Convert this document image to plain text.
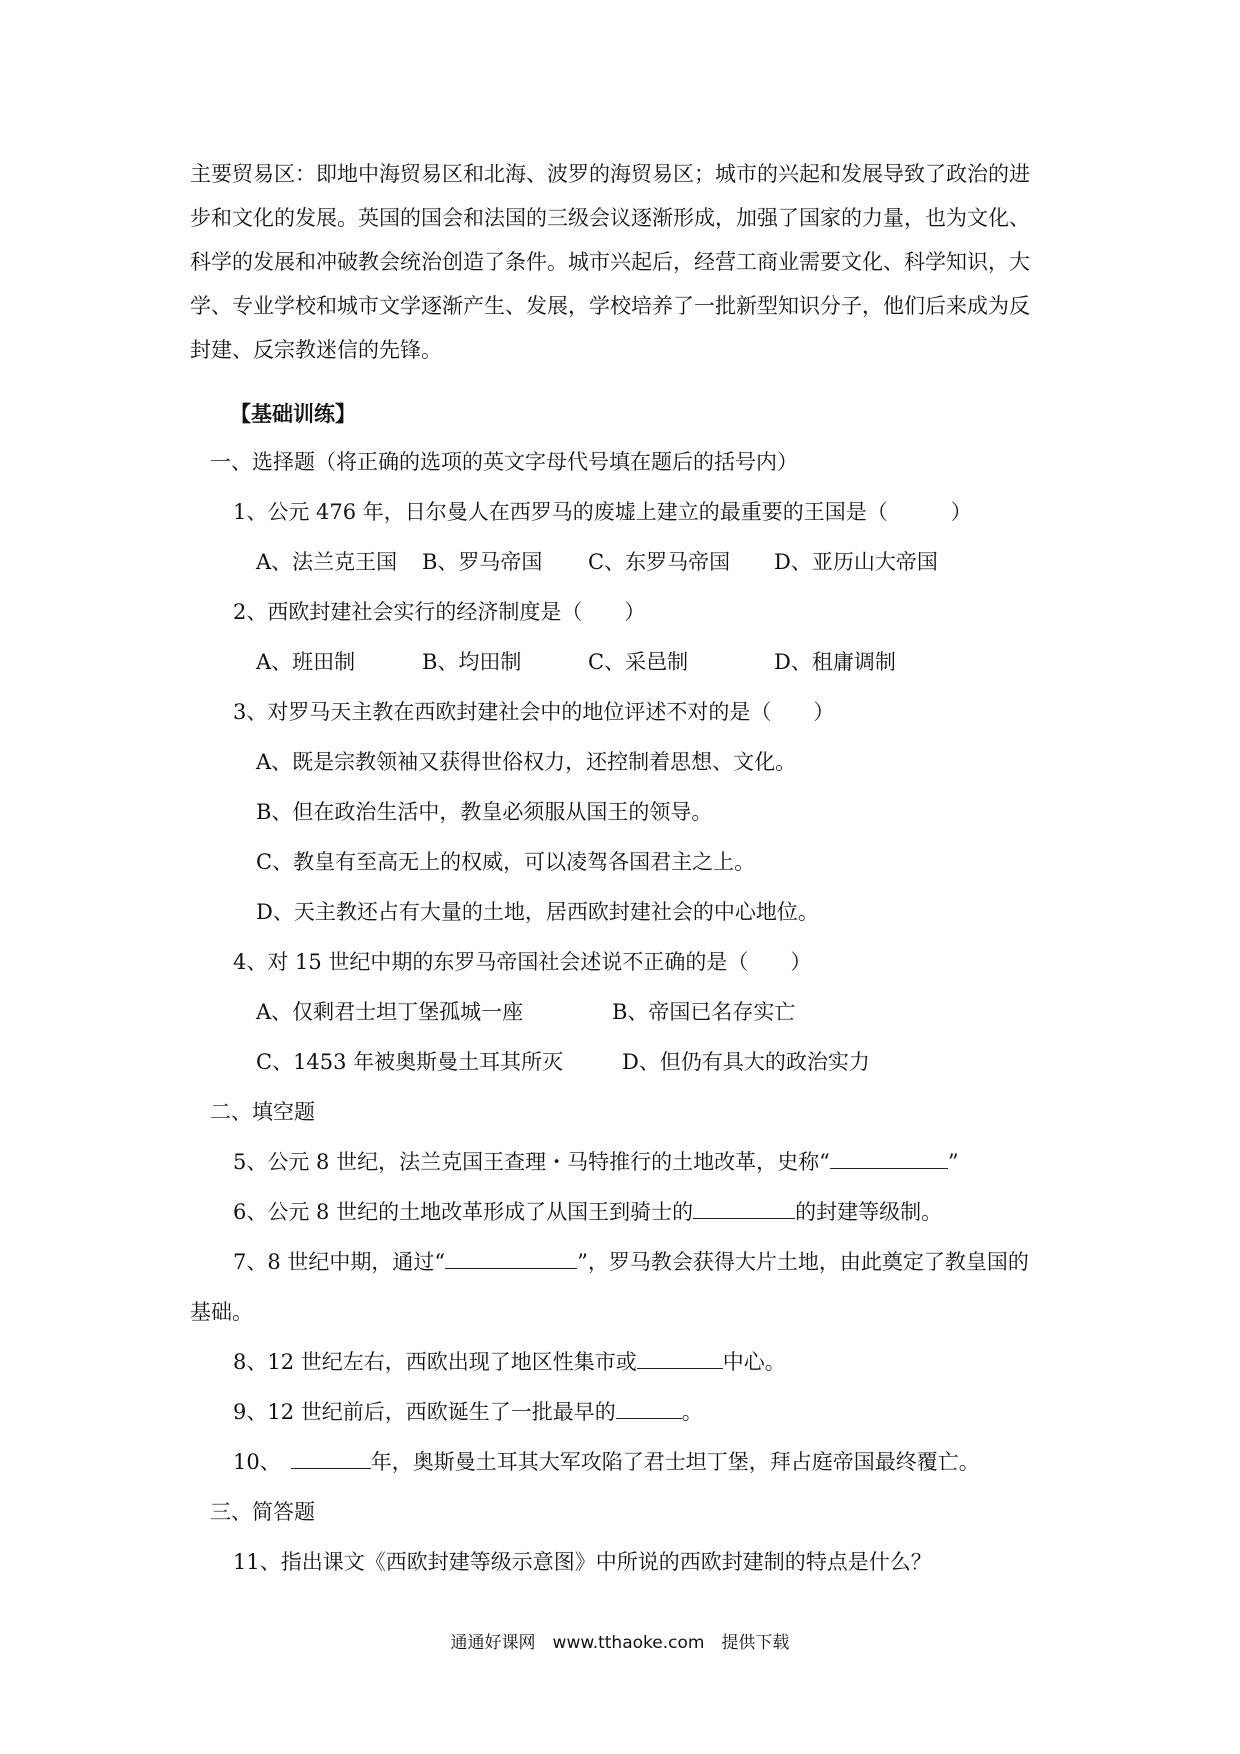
主要贸易区：即地中海贸易区和北海、波罗的海贸易区；城市的兴起和发展导致了政治的进
步和文化的发展。英国的国会和法国的三级会议逐渐形成，加强了国家的力量，也为文化、
科学的发展和冲破教会统治创造了条件。城市兴起后，经营工商业需要文化、科学知识，大
学、专业学校和城市文学逐渐产生、发展，学校培养了一批新型知识分子，他们后来成为反
封建、反宗教迷信的先锋。
【基础训练】
一、选择题（将正确的选项的英文字母代号填在题后的括号内）
1、公元 476 年，日尔曼人在西罗马的废墟上建立的最重要的王国是（　　　）
A、法兰克王国	B、罗马帝国	C、东罗马帝国	D、亚历山大帝国
2、西欧封建社会实行的经济制度是（　　）
A、班田制	B、均田制	C、采邑制	D、租庸调制
3、对罗马天主教在西欧封建社会中的地位评述不对的是（　　）
A、既是宗教领袖又获得世俗权力，还控制着思想、文化。
B、但在政治生活中，教皇必须服从国王的领导。
C、教皇有至高无上的权威，可以凌驾各国君主之上。
D、天主教还占有大量的土地，居西欧封建社会的中心地位。
4、对 15 世纪中期的东罗马帝国社会述说不正确的是（　　）
A、仅剩君士坦丁堡孤城一座	B、帝国已名存实亡
C、1453 年被奥斯曼土耳其所灭	D、但仍有具大的政治实力
二、填空题
5、公元 8 世纪，法兰克国王查理・马特推行的土地改革，史称“	”
6、公元 8 世纪的土地改革形成了从国王到骑士的	的封建等级制。
7、8 世纪中期，通过“	”，罗马教会获得大片土地，由此奠定了教皇国的
基础。
8、12 世纪左右，西欧出现了地区性集市或	中心。
9、12 世纪前后，西欧诞生了一批最早的	。
10、	年，奥斯曼土耳其大军攻陷了君士坦丁堡，拜占庭帝国最终覆亡。
三、简答题
11、指出课文《西欧封建等级示意图》中所说的西欧封建制的特点是什么？
通通好课网　www.tthaoke.com　提供下载
